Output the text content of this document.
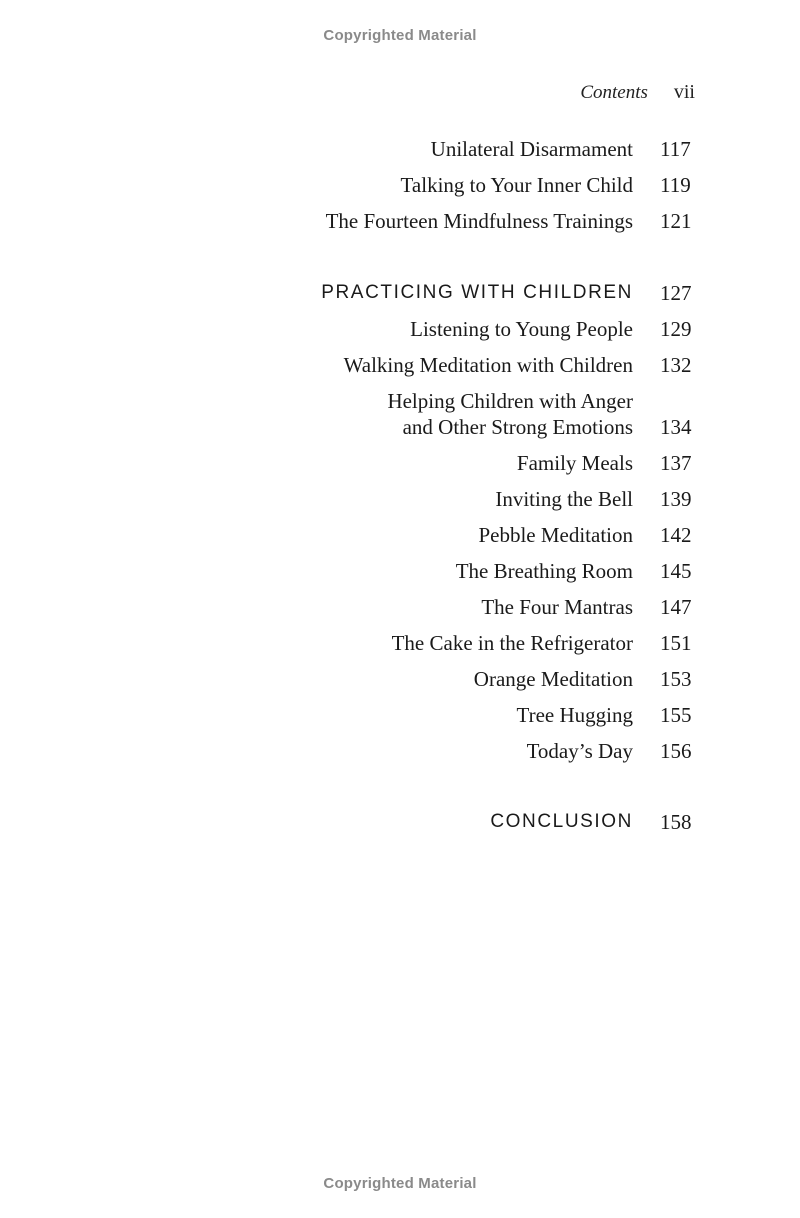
Copyrighted Material
Contents vii
Unilateral Disarmament 117
Talking to Your Inner Child 119
The Fourteen Mindfulness Trainings 121
PRACTICING WITH CHILDREN 127
Listening to Young People 129
Walking Meditation with Children 132
Helping Children with Anger
and Other Strong Emotions 134
Family Meals 137
Inviting the Bell 139
Pebble Meditation 142
The Breathing Room 145
The Four Mantras 147
The Cake in the Refrigerator 151
Orange Meditation 153
Tree Hugging 155
Today’s Day 156
CONCLUSION 158
Copyrighted Material
